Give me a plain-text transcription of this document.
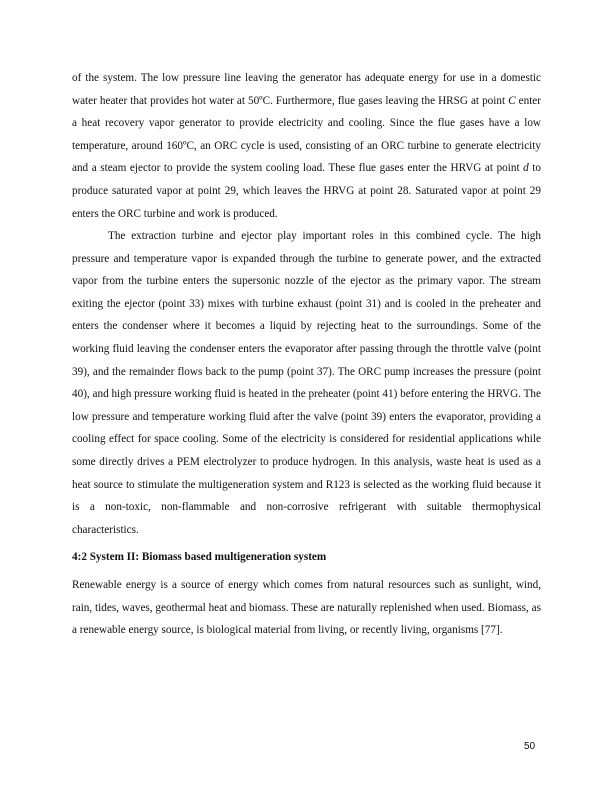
of the system. The low pressure line leaving the generator has adequate energy for use in a domestic water heater that provides hot water at 50ºC. Furthermore, flue gases leaving the HRSG at point C enter a heat recovery vapor generator to provide electricity and cooling. Since the flue gases have a low temperature, around 160ºC, an ORC cycle is used, consisting of an ORC turbine to generate electricity and a steam ejector to provide the system cooling load. These flue gases enter the HRVG at point d to produce saturated vapor at point 29, which leaves the HRVG at point 28. Saturated vapor at point 29 enters the ORC turbine and work is produced.

The extraction turbine and ejector play important roles in this combined cycle. The high pressure and temperature vapor is expanded through the turbine to generate power, and the extracted vapor from the turbine enters the supersonic nozzle of the ejector as the primary vapor. The stream exiting the ejector (point 33) mixes with turbine exhaust (point 31) and is cooled in the preheater and enters the condenser where it becomes a liquid by rejecting heat to the surroundings. Some of the working fluid leaving the condenser enters the evaporator after passing through the throttle valve (point 39), and the remainder flows back to the pump (point 37). The ORC pump increases the pressure (point 40), and high pressure working fluid is heated in the preheater (point 41) before entering the HRVG. The low pressure and temperature working fluid after the valve (point 39) enters the evaporator, providing a cooling effect for space cooling. Some of the electricity is considered for residential applications while some directly drives a PEM electrolyzer to produce hydrogen. In this analysis, waste heat is used as a heat source to stimulate the multigeneration system and R123 is selected as the working fluid because it is a non-toxic, non-flammable and non-corrosive refrigerant with suitable thermophysical characteristics.

4:2 System II: Biomass based multigeneration system

Renewable energy is a source of energy which comes from natural resources such as sunlight, wind, rain, tides, waves, geothermal heat and biomass. These are naturally replenished when used. Biomass, as a renewable energy source, is biological material from living, or recently living, organisms [77].

50
